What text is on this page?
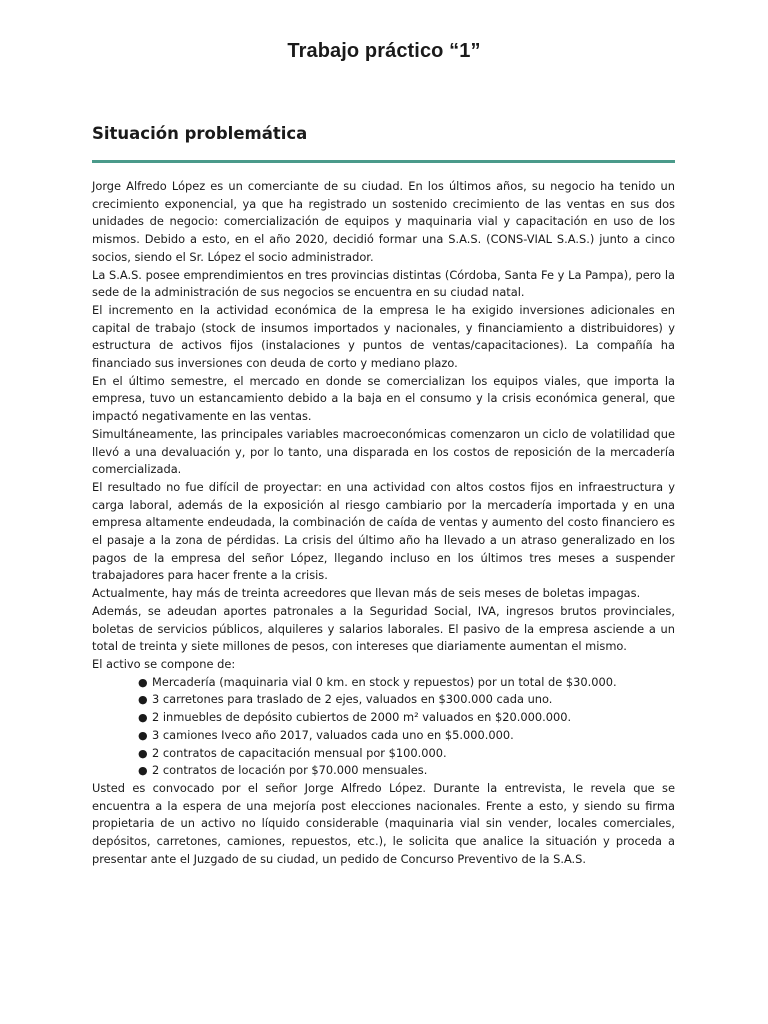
Trabajo práctico “1”
Situación problemática

Jorge Alfredo López es un comerciante de su ciudad. En los últimos años, su negocio ha tenido un crecimiento exponencial, ya que ha registrado un sostenido crecimiento de las ventas en sus dos unidades de negocio: comercialización de equipos y maquinaria vial y capacitación en uso de los mismos. Debido a esto, en el año 2020, decidió formar una S.A.S. (CONS-VIAL S.A.S.) junto a cinco socios, siendo el Sr. López el socio administrador.

La S.A.S. posee emprendimientos en tres provincias distintas (Córdoba, Santa Fe y La Pampa), pero la sede de la administración de sus negocios se encuentra en su ciudad natal.

El incremento en la actividad económica de la empresa le ha exigido inversiones adicionales en capital de trabajo (stock de insumos importados y nacionales, y financiamiento a distribuidores) y estructura de activos fijos (instalaciones y puntos de ventas/capacitaciones). La compañía ha financiado sus inversiones con deuda de corto y mediano plazo.

En el último semestre, el mercado en donde se comercializan los equipos viales, que importa la empresa, tuvo un estancamiento debido a la baja en el consumo y la crisis económica general, que impactó negativamente en las ventas.

Simultáneamente, las principales variables macroeconómicas comenzaron un ciclo de volatilidad que llevó a una devaluación y, por lo tanto, una disparada en los costos de reposición de la mercadería comercializada.

El resultado no fue difícil de proyectar: en una actividad con altos costos fijos en infraestructura y carga laboral, además de la exposición al riesgo cambiario por la mercadería importada y en una empresa altamente endeudada, la combinación de caída de ventas y aumento del costo financiero es el pasaje a la zona de pérdidas. La crisis del último año ha llevado a un atraso generalizado en los pagos de la empresa del señor López, llegando incluso en los últimos tres meses a suspender trabajadores para hacer frente a la crisis.

Actualmente, hay más de treinta acreedores que llevan más de seis meses de boletas impagas.

Además, se adeudan aportes patronales a la Seguridad Social, IVA, ingresos brutos provinciales, boletas de servicios públicos, alquileres y salarios laborales. El pasivo de la empresa asciende a un total de treinta y siete millones de pesos, con intereses que diariamente aumentan el mismo.

El activo se compone de:

● Mercadería (maquinaria vial 0 km. en stock y repuestos) por un total de $30.000.
● 3 carretones para traslado de 2 ejes, valuados en $300.000 cada uno.
● 2 inmuebles de depósito cubiertos de 2000 m² valuados en $20.000.000.
● 3 camiones Iveco año 2017, valuados cada uno en $5.000.000.
● 2 contratos de capacitación mensual por $100.000.
● 2 contratos de locación por $70.000 mensuales.

Usted es convocado por el señor Jorge Alfredo López. Durante la entrevista, le revela que se encuentra a la espera de una mejoría post elecciones nacionales. Frente a esto, y siendo su firma propietaria de un activo no líquido considerable (maquinaria vial sin vender, locales comerciales, depósitos, carretones, camiones, repuestos, etc.), le solicita que analice la situación y proceda a presentar ante el Juzgado de su ciudad, un pedido de Concurso Preventivo de la S.A.S.
